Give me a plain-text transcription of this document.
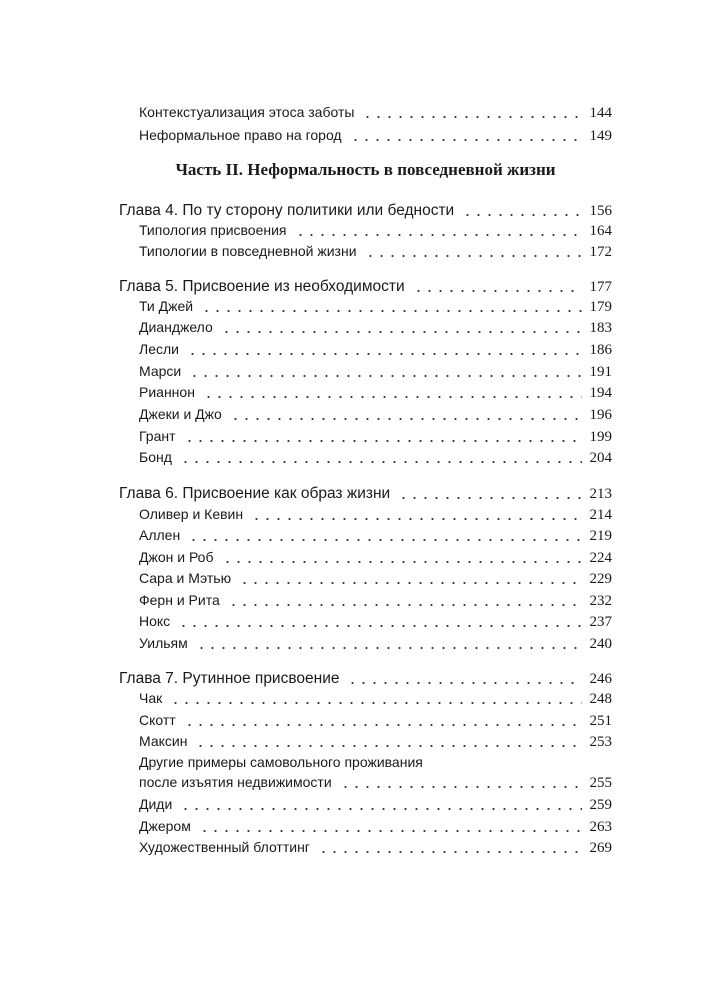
Контекстуализация этоса заботы	144
Неформальное право на город	149
Часть II. Неформальность в повседневной жизни
Глава 4. По ту сторону политики или бедности	156
Типология присвоения	164
Типологии в повседневной жизни	172
Глава 5. Присвоение из необходимости	177
Ти Джей	179
Дианджело	183
Лесли	186
Марси	191
Рианнон	194
Джеки и Джо	196
Грант	199
Бонд	204
Глава 6. Присвоение как образ жизни	213
Оливер и Кевин	214
Аллен	219
Джон и Роб	224
Сара и Мэтью	229
Ферн и Рита	232
Нокс	237
Уильям	240
Глава 7. Рутинное присвоение	246
Чак	248
Скотт	251
Максин	253
Другие примеры самовольного проживания
после изъятия недвижимости	255
Диди	259
Джером	263
Художественный блоттинг	269
